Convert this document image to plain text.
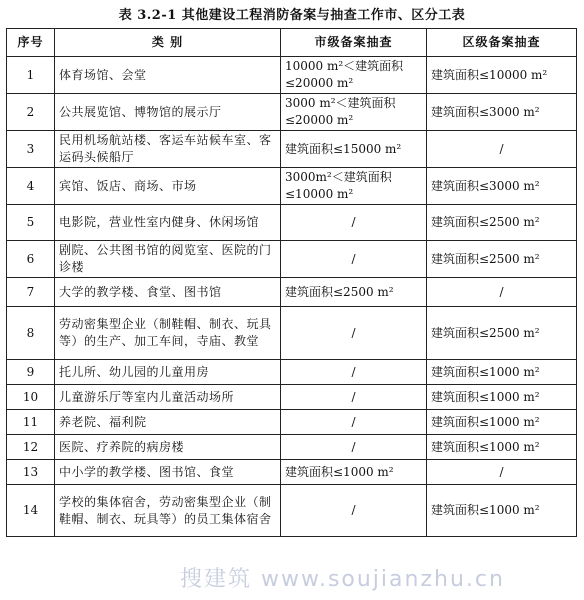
表 3.2-1 其他建设工程消防备案与抽查工作市、区分工表
序号	类 别	市级备案抽查	区级备案抽查
1	体育场馆、会堂	10000 m²＜建筑面积≤20000 m²	建筑面积≤10000 m²
2	公共展览馆、博物馆的展示厅	3000 m²＜建筑面积≤20000 m²	建筑面积≤3000 m²
3	民用机场航站楼、客运车站候车室、客运码头候船厅	建筑面积≤15000 m²	/
4	宾馆、饭店、商场、市场	3000m²＜建筑面积≤10000 m²	建筑面积≤3000 m²
5	电影院，营业性室内健身、休闲场馆	/	建筑面积≤2500 m²
6	剧院、公共图书馆的阅览室、医院的门诊楼	/	建筑面积≤2500 m²
7	大学的教学楼、食堂、图书馆	建筑面积≤2500 m²	/
8	劳动密集型企业（制鞋帽、制衣、玩具等）的生产、加工车间，寺庙、教堂	/	建筑面积≤2500 m²
9	托儿所、幼儿园的儿童用房	/	建筑面积≤1000 m²
10	儿童游乐厅等室内儿童活动场所	/	建筑面积≤1000 m²
11	养老院、福利院	/	建筑面积≤1000 m²
12	医院、疗养院的病房楼	/	建筑面积≤1000 m²
13	中小学的教学楼、图书馆、食堂	建筑面积≤1000 m²	/
14	学校的集体宿舍，劳动密集型企业（制鞋帽、制衣、玩具等）的员工集体宿舍	/	建筑面积≤1000 m²
搜建筑 www.soujianzhu.cn
